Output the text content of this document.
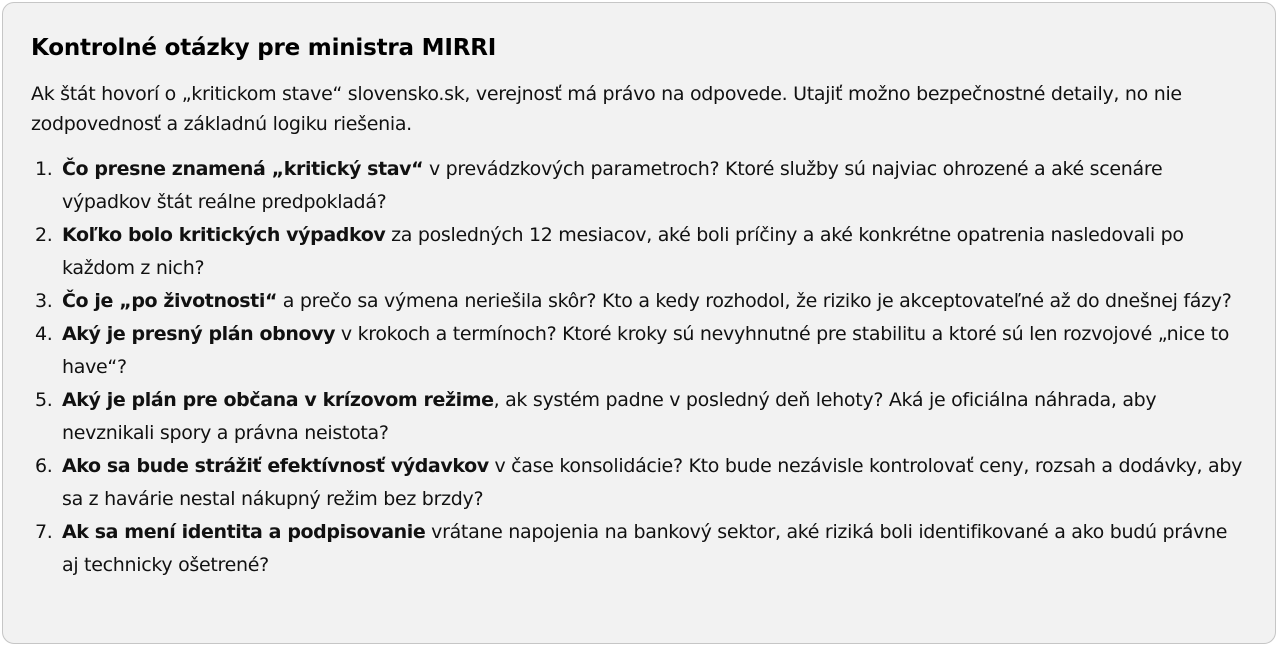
Kontrolné otázky pre ministra MIRRI

Ak štát hovorí o „kritickom stave“ slovensko.sk, verejnosť má právo na odpovede. Utajiť možno bezpečnostné detaily, no nie zodpovednosť a základnú logiku riešenia.

1. Čo presne znamená „kritický stav“ v prevádzkových parametroch? Ktoré služby sú najviac ohrozené a aké scenáre výpadkov štát reálne predpokladá?
2. Koľko bolo kritických výpadkov za posledných 12 mesiacov, aké boli príčiny a aké konkrétne opatrenia nasledovali po každom z nich?
3. Čo je „po životnosti“ a prečo sa výmena neriešila skôr? Kto a kedy rozhodol, že riziko je akceptovateľné až do dnešnej fázy?
4. Aký je presný plán obnovy v krokoch a termínoch? Ktoré kroky sú nevyhnutné pre stabilitu a ktoré sú len rozvojové „nice to have“?
5. Aký je plán pre občana v krízovom režime, ak systém padne v posledný deň lehoty? Aká je oficiálna náhrada, aby nevznikali spory a právna neistota?
6. Ako sa bude strážiť efektívnosť výdavkov v čase konsolidácie? Kto bude nezávisle kontrolovať ceny, rozsah a dodávky, aby sa z havárie nestal nákupný režim bez brzdy?
7. Ak sa mení identita a podpisovanie vrátane napojenia na bankový sektor, aké riziká boli identifikované a ako budú právne aj technicky ošetrené?
